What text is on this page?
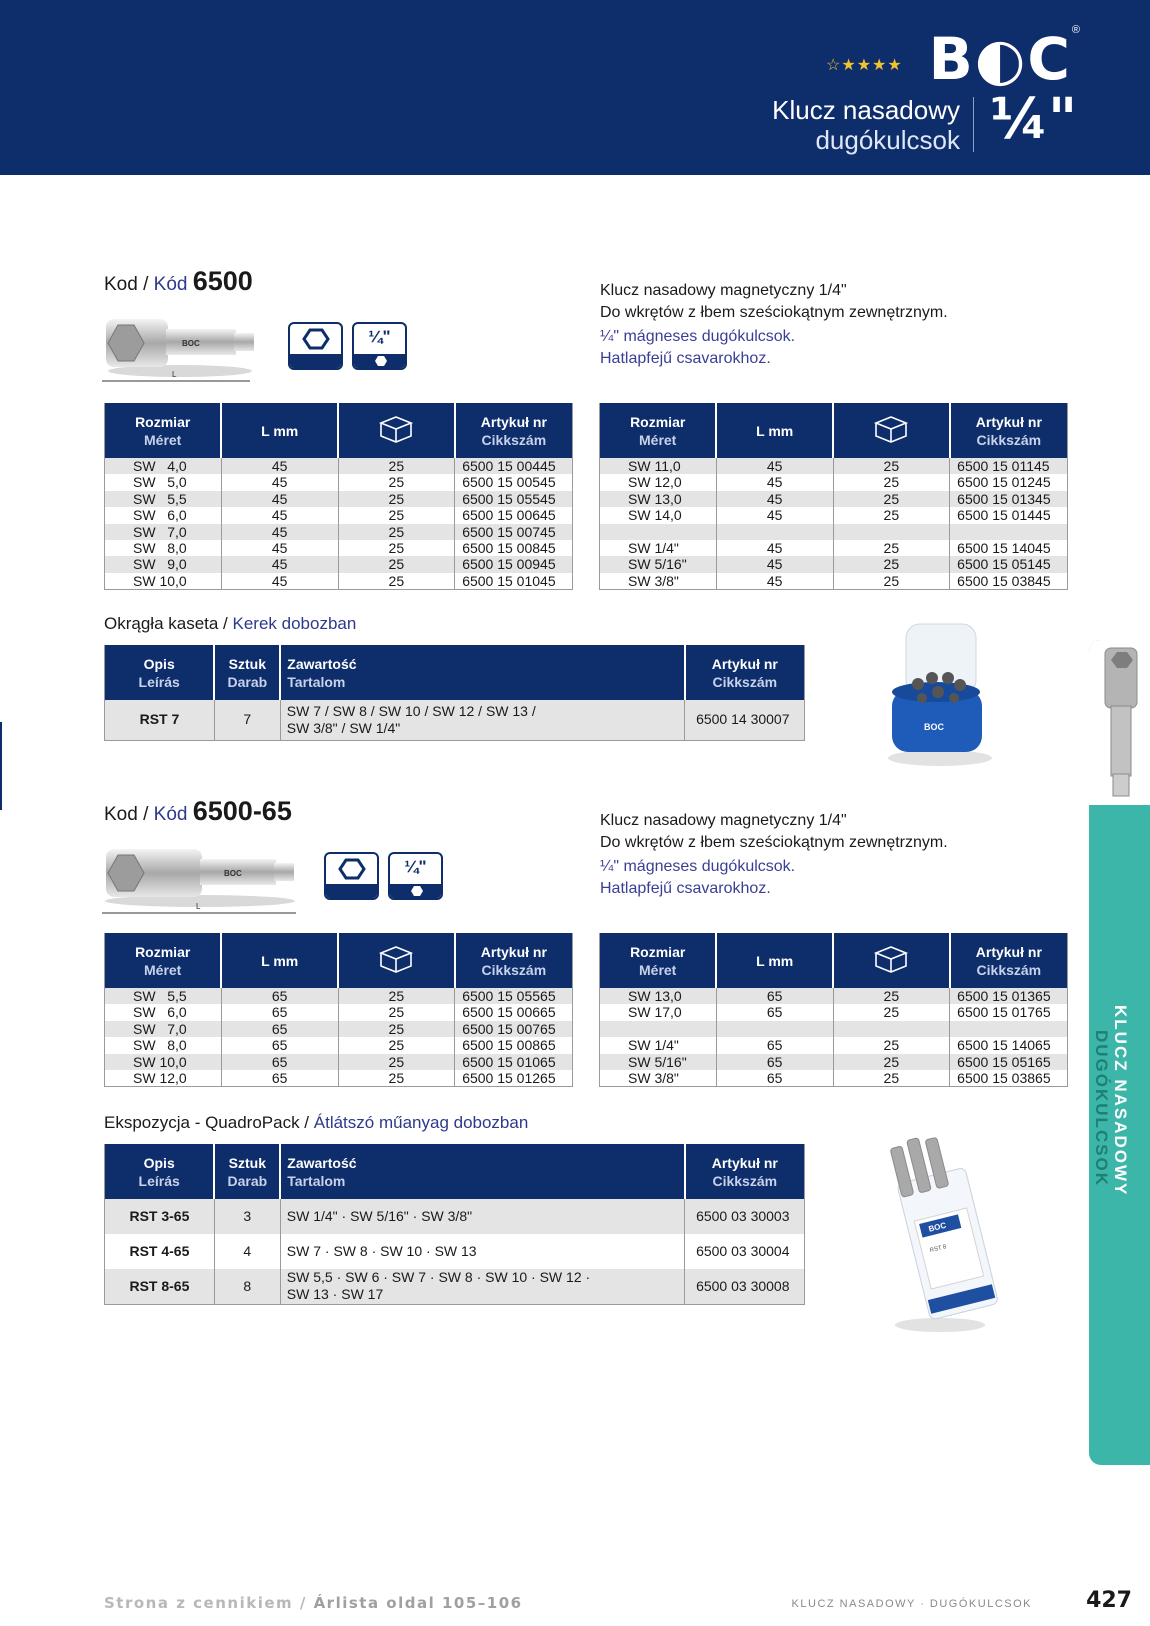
☆★★★★ B◐C ®
Klucz nasadowy
dugókulcsok ¼"
Kod / Kód 6500
BOC
L
¼"
Klucz nasadowy magnetyczny 1/4"
Do wkrętów z łbem sześciokątnym zewnętrznym.
¼" mágneses dugókulcsok.
Hatlapfejű csavarokhoz.
Rozmiar
Méret	L mm		Artykuł nr
Cikkszám

SW   4,0	45	25	6500 15 00445
SW   5,0	45	25	6500 15 00545
SW   5,5	45	25	6500 15 05545
SW   6,0	45	25	6500 15 00645
SW   7,0	45	25	6500 15 00745
SW   8,0	45	25	6500 15 00845
SW   9,0	45	25	6500 15 00945
SW 10,0	45	25	6500 15 01045
Rozmiar
Méret	L mm		Artykuł nr
Cikkszám

SW 11,0	45	25	6500 15 01145
SW 12,0	45	25	6500 15 01245
SW 13,0	45	25	6500 15 01345
SW 14,0	45	25	6500 15 01445

SW 1/4"	45	25	6500 15 14045
SW 5/16"	45	25	6500 15 05145
SW 3/8"	45	25	6500 15 03845
Okrągła kaseta / Kerek dobozban
Opis
Leírás	Sztuk
Darab	Zawartość
Tartalom	Artykuł nr
Cikkszám

RST 7	7	SW 7 / SW 8 / SW 10 / SW 12 / SW 13 /
SW 3/8" / SW 1/4"	6500 14 30007	BOC
Kod / Kód 6500-65
BOC
L
¼"
Klucz nasadowy magnetyczny 1/4"
Do wkrętów z łbem sześciokątnym zewnętrznym.
¼" mágneses dugókulcsok.
Hatlapfejű csavarokhoz.
Rozmiar
Méret	L mm		Artykuł nr
Cikkszám

SW   5,5	65	25	6500 15 05565
SW   6,0	65	25	6500 15 00665
SW   7,0	65	25	6500 15 00765
SW   8,0	65	25	6500 15 00865
SW 10,0	65	25	6500 15 01065
SW 12,0	65	25	6500 15 01265
Rozmiar
Méret	L mm		Artykuł nr
Cikkszám

SW 13,0	65	25	6500 15 01365
SW 17,0	65	25	6500 15 01765

SW 1/4"	65	25	6500 15 14065
SW 5/16"	65	25	6500 15 05165
SW 3/8"	65	25	6500 15 03865
Ekspozycja - QuadroPack / Átlátszó műanyag dobozban
Opis
Leírás	Sztuk
Darab	Zawartość
Tartalom	Artykuł nr
Cikkszám

RST 3-65	3	SW 1/4" · SW 5/16" · SW 3/8"	6500 03 30003
RST 4-65	4	SW 7 · SW 8 · SW 10 · SW 13	6500 03 30004
RST 8-65	8	SW 5,5 · SW 6 · SW 7 · SW 8 · SW 10 · SW 12 ·
SW 13 · SW 17	6500 03 30008
BOC
RST 8
KLUCZ NASADOWY
DUGÓKULCSOK
Strona z cennikiem / Árlista oldal 105–106	KLUCZ NASADOWY · DUGÓKULCSOK 427
